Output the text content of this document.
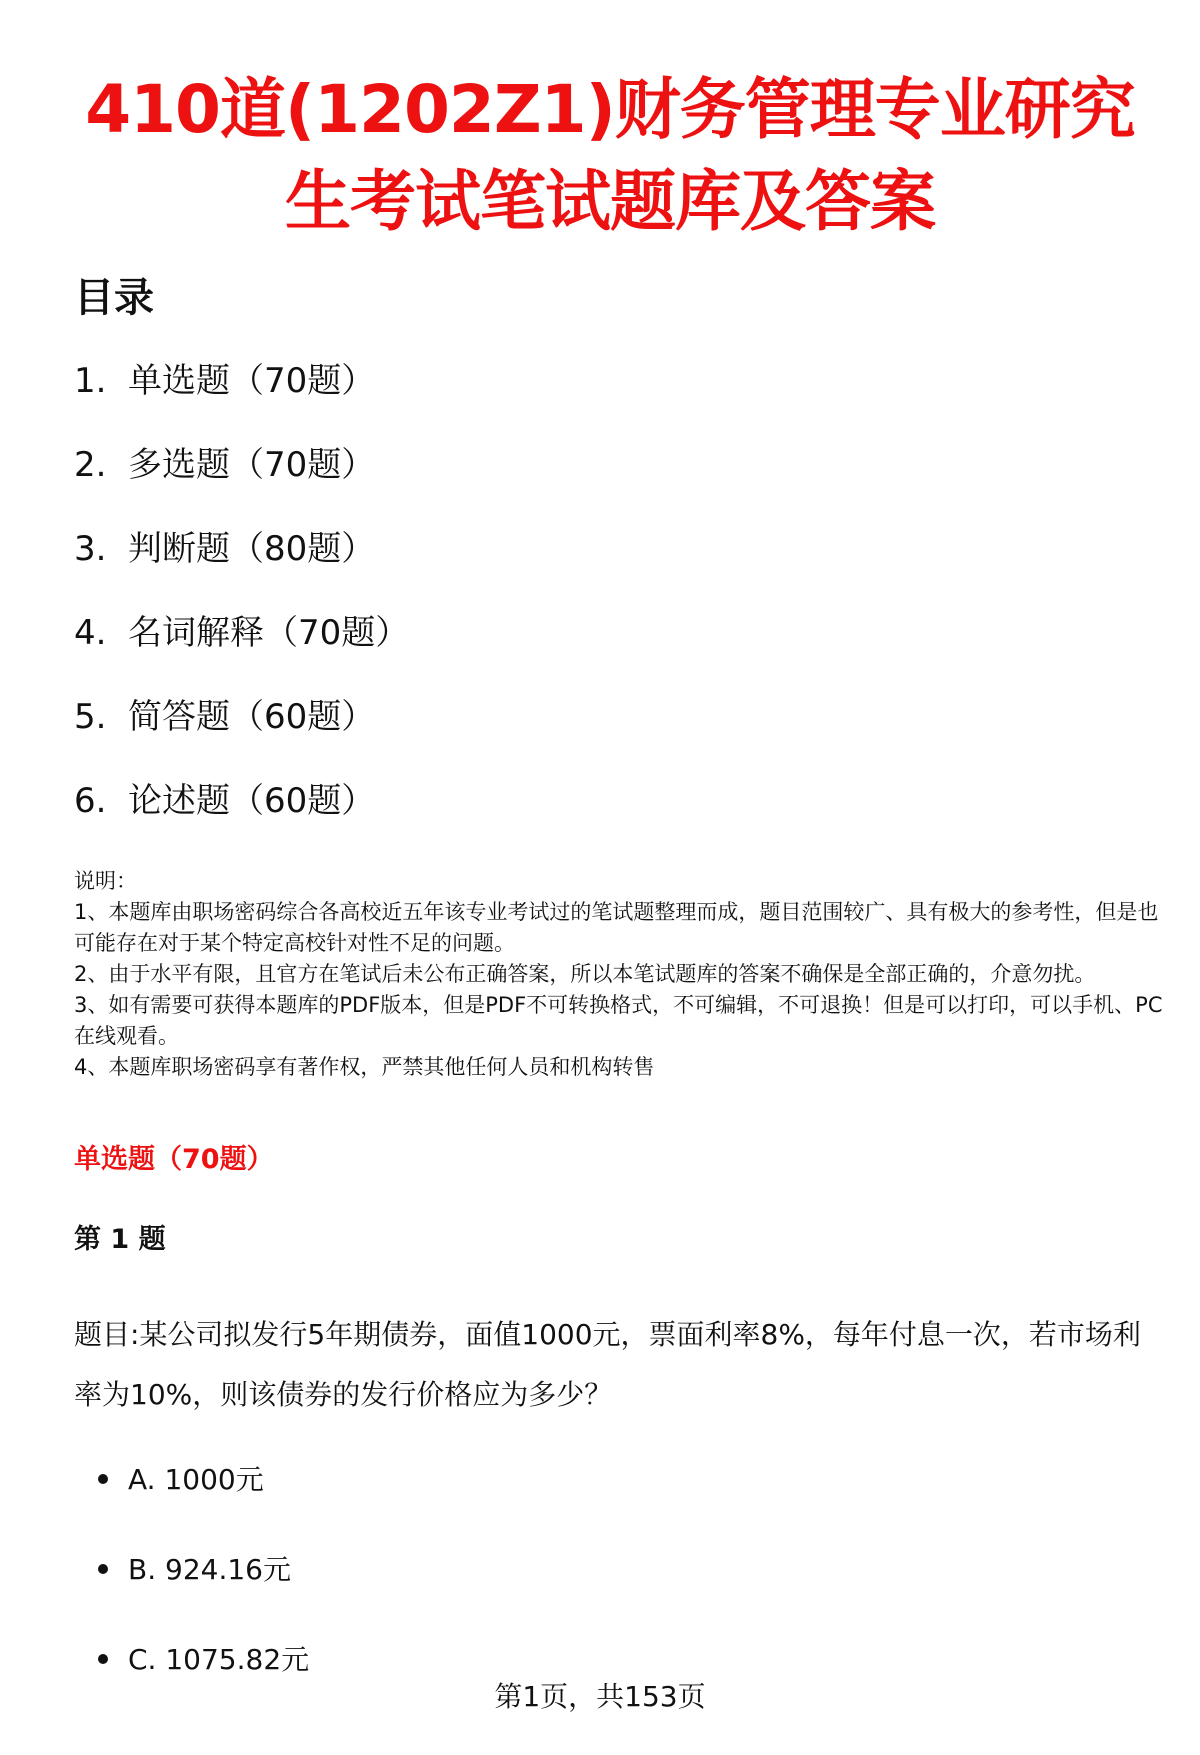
410道(1202Z1)财务管理专业研究
生考试笔试题库及答案
目录
1. 单选题（70题）
2. 多选题（70题）
3. 判断题（80题）
4. 名词解释（70题）
5. 简答题（60题）
6. 论述题（60题）

说明：

1、本题库由职场密码综合各高校近五年该专业考试过的笔试题整理而成，题目范围较广、具有极大的参考性，但是也可能存在对于某个特定高校针对性不足的问题。

2、由于水平有限，且官方在笔试后未公布正确答案，所以本笔试题库的答案不确保是全部正确的，介意勿扰。

3、如有需要可获得本题库的PDF版本，但是PDF不可转换格式，不可编辑，不可退换！但是可以打印，可以手机、PC在线观看。

4、本题库职场密码享有著作权，严禁其他任何人员和机构转售

单选题（70题）
第 1 题

题目:某公司拟发行5年期债券，面值1000元，票面利率8%，每年付息一次，若市场利率为10%，则该债券的发行价格应为多少？

A. 1000元
B. 924.16元
C. 1075.82元
第1页，共153页
